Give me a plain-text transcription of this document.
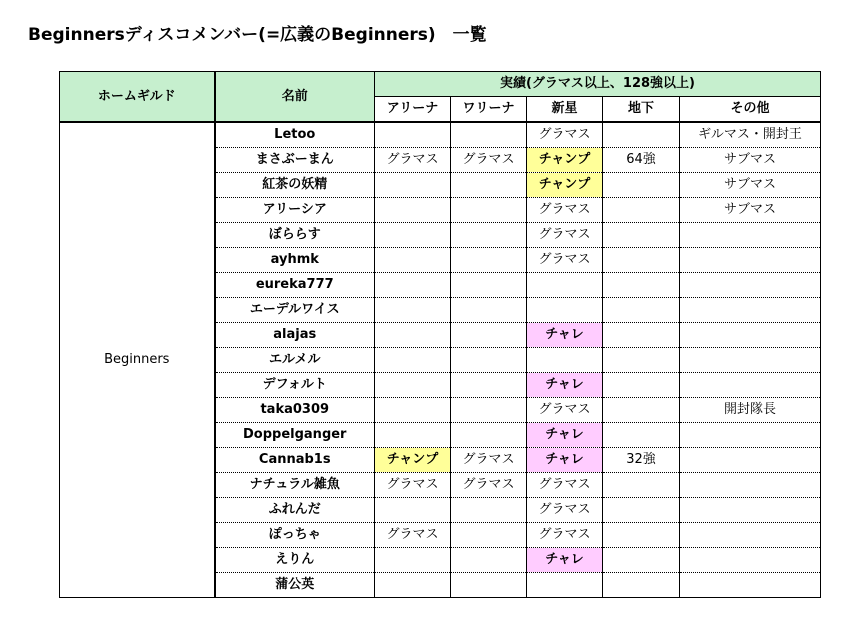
Beginnersディスコメンバー(=広義のBeginners)　一覧
ホームギルド	名前	実績(グラマス以上、128強以上)				
		アリーナ	ワリーナ	新星	地下	その他
Beginners	Letoo			グラマス		ギルマス・開封王
	まさぶーまん	グラマス	グラマス	チャンプ	64強	サブマス
	紅茶の妖精			チャンプ		サブマス
	アリーシア			グラマス		サブマス
	ぼららす			グラマス		
	ayhmk			グラマス		
	eureka777					
	エーデルワイス					
	alajas			チャレ		
	エルメル					
	デフォルト			チャレ		
	taka0309			グラマス		開封隊長
	Doppelganger			チャレ		
	Cannab1s	チャンプ	グラマス	チャレ	32強	
	ナチュラル雑魚	グラマス	グラマス	グラマス		
	ふれんだ			グラマス		
	ぽっちゃ	グラマス		グラマス		
	えりん			チャレ		
	蒲公英					
